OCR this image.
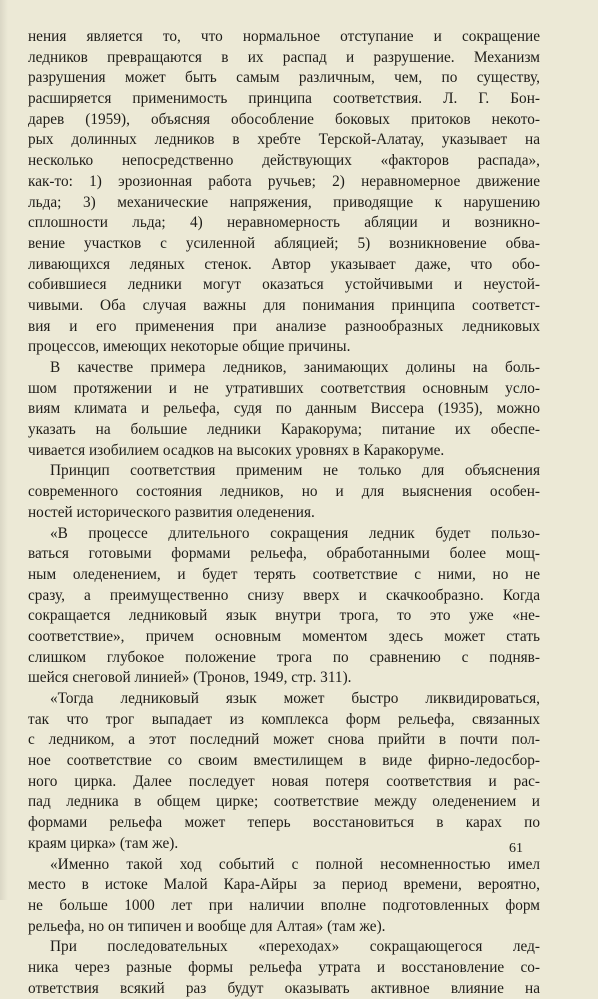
нения является то, что нормальное отступание и сокращение
ледников превращаются в их распад и разрушение. Механизм
разрушения может быть самым различным, чем, по существу,
расширяется применимость принципа соответствия. Л. Г. Бон-
дарев (1959), объясняя обособление боковых притоков некото-
рых долинных ледников в хребте Терской-Алатау, указывает на
несколько непосредственно действующих «факторов распада»,
как-то: 1) эрозионная работа ручьев; 2) неравномерное движение
льда; 3) механические напряжения, приводящие к нарушению
сплошности льда; 4) неравномерность абляции и возникно-
вение участков с усиленной абляцией; 5) возникновение обва-
ливающихся ледяных стенок. Автор указывает даже, что обо-
собившиеся ледники могут оказаться устойчивыми и неустой-
чивыми. Оба случая важны для понимания принципа соответст-
вия и его применения при анализе разнообразных ледниковых
процессов, имеющих некоторые общие причины.
В качестве примера ледников, занимающих долины на боль-
шом протяжении и не утративших соответствия основным усло-
виям климата и рельефа, судя по данным Виссера (1935), можно
указать на большие ледники Каракорума; питание их обеспе-
чивается изобилием осадков на высоких уровнях в Каракоруме.
Принцип соответствия применим не только для объяснения
современного состояния ледников, но и для выяснения особен-
ностей исторического развития оледенения.
«В процессе длительного сокращения ледник будет пользо-
ваться готовыми формами рельефа, обработанными более мощ-
ным оледенением, и будет терять соответствие с ними, но не
сразу, а преимущественно снизу вверх и скачкообразно. Когда
сокращается ледниковый язык внутри трога, то это уже «не-
соответствие», причем основным моментом здесь может стать
слишком глубокое положение трога по сравнению с подняв-
шейся снеговой линией» (Тронов, 1949, стр. 311).
«Тогда ледниковый язык может быстро ликвидироваться,
так что трог выпадает из комплекса форм рельефа, связанных
с ледником, а этот последний может снова прийти в почти пол-
ное соответствие со своим вместилищем в виде фирно-ледосбор-
ного цирка. Далее последует новая потеря соответствия и рас-
пад ледника в общем цирке; соответствие между оледенением и
формами рельефа может теперь восстановиться в карах по
краям цирка» (там же).
«Именно такой ход событий с полной несомненностью имел
место в истоке Малой Кара-Айры за период времени, вероятно,
не больше 1000 лет при наличии вполне подготовленных форм
рельефа, но он типичен и вообще для Алтая» (там же).
При последовательных «переходах» сокращающегося лед-
ника через разные формы рельефа утрата и восстановление со-
ответствия всякий раз будут оказывать активное влияние на
61
